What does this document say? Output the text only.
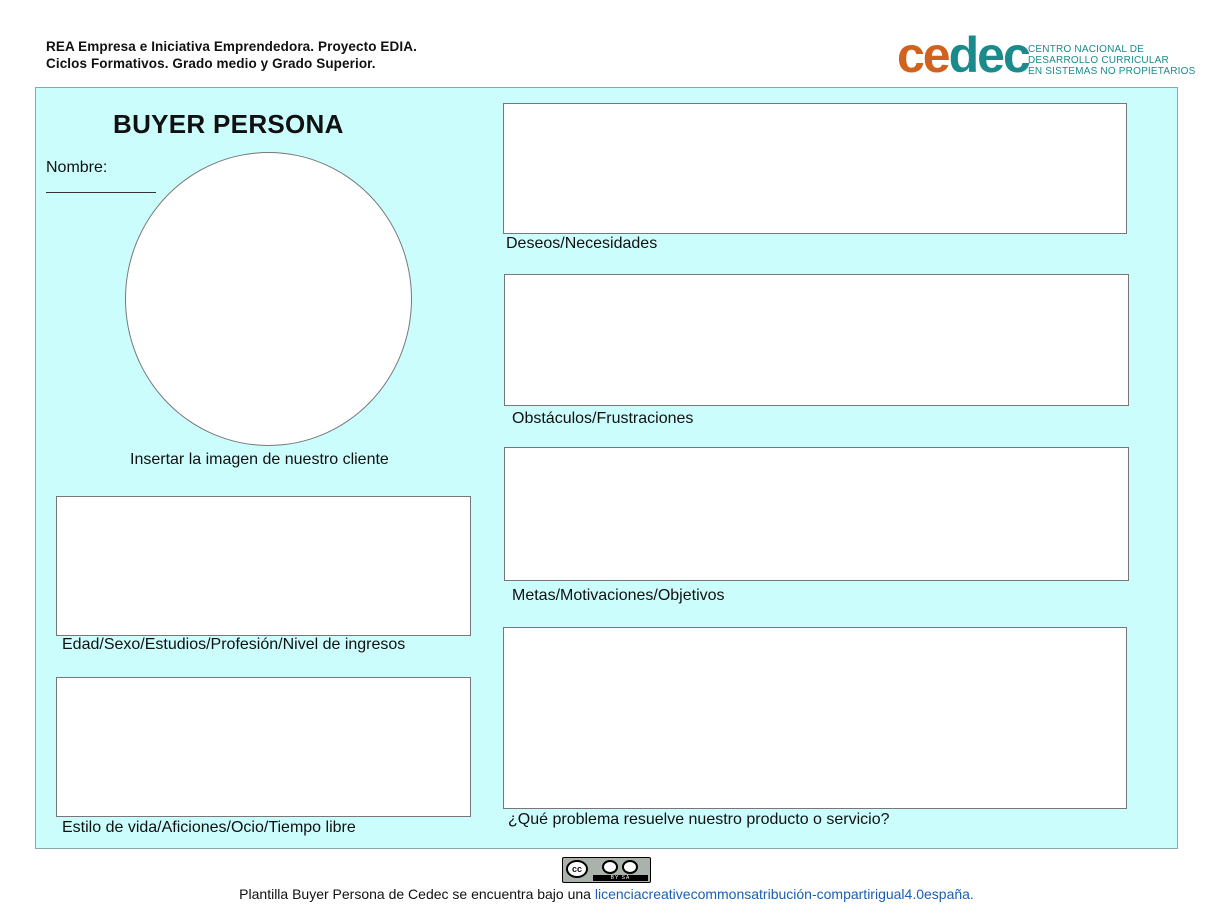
REA Empresa e Iniciativa Emprendedora. Proyecto EDIA.
Ciclos Formativos. Grado medio y Grado Superior.	cedec CENTRO NACIONAL DE
DESARROLLO CURRICULAR
EN SISTEMAS NO PROPIETARIOS
BUYER PERSONA
Nombre:
Insertar la imagen de nuestro cliente
Edad/Sexo/Estudios/Profesión/Nivel de ingresos
Estilo de vida/Aficiones/Ocio/Tiempo libre
Deseos/Necesidades
Obstáculos/Frustraciones
Metas/Motivaciones/Objetivos
¿Qué problema resuelve nuestro producto o servicio?
cc
BY SA
Plantilla Buyer Persona de Cedec se encuentra bajo una licenciacreativecommonsatribución-compartirigual4.0españa.
